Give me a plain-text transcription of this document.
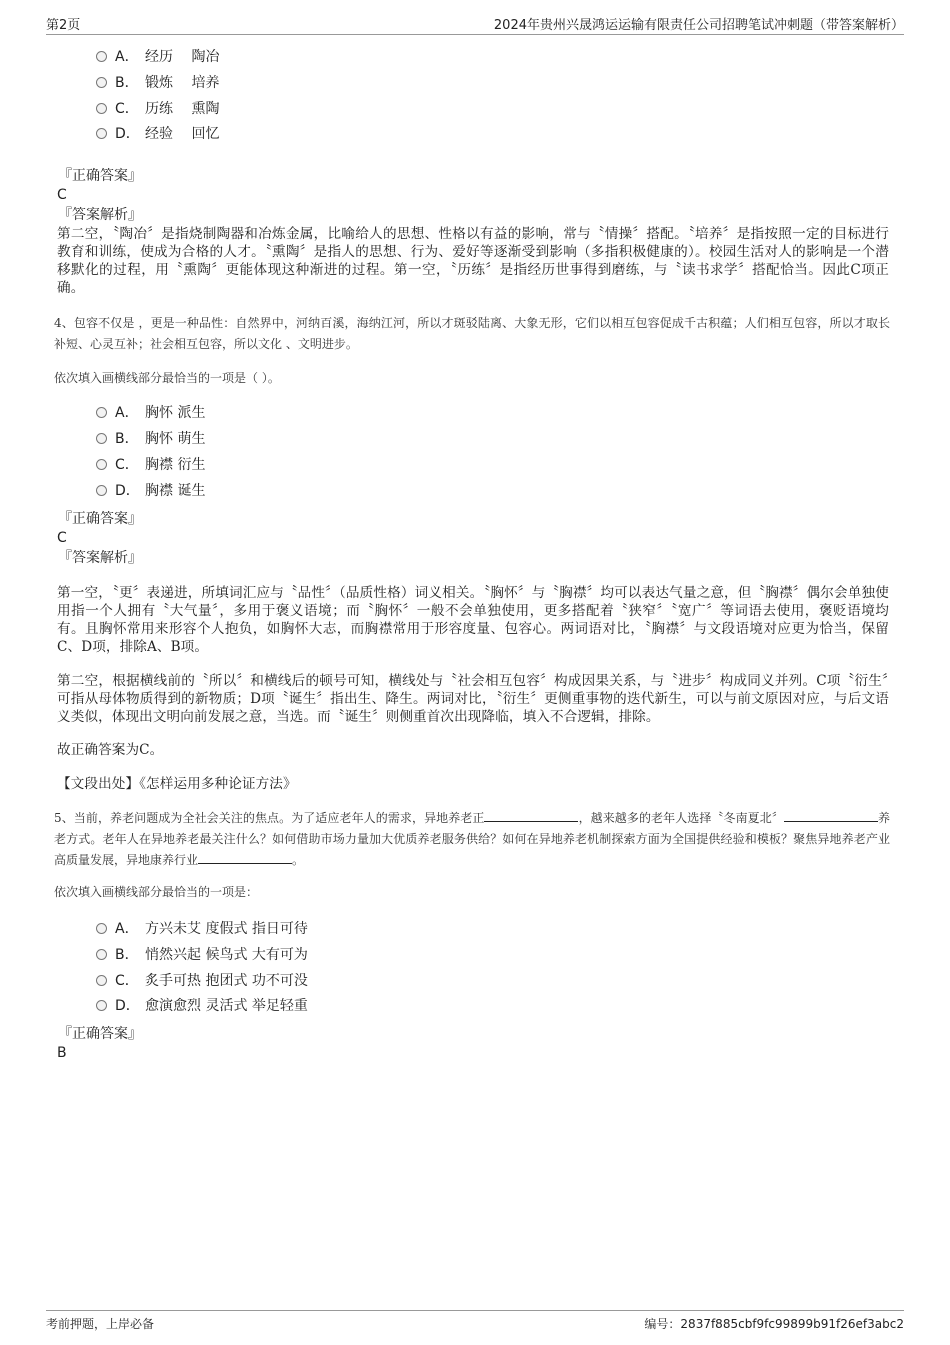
第2页	2024年贵州兴晟鸿运运输有限责任公司招聘笔试冲刺题（带答案解析）
A． 经历　 陶冶
B． 锻炼　 培养
C． 历练　 熏陶
D． 经验　 回忆
『正确答案』
C
『答案解析』
第二空，〝陶冶〞是指烧制陶器和冶炼金属，比喻给人的思想、性格以有益的影响，常与〝情操〞搭配。〝培养〞是指按照一定的目标进行教育和训练，使成为合格的人才。〝熏陶〞是指人的思想、行为、爱好等逐渐受到影响（多指积极健康的）。校园生活对人的影响是一个潜移默化的过程，用〝熏陶〞更能体现这种渐进的过程。第一空，〝历练〞是指经历世事得到磨练，与〝读书求学〞搭配恰当。因此C项正确。
4、包容不仅是 ，更是一种品性：自然界中，河纳百溪，海纳江河，所以才斑驳陆离、大象无形，它们以相互包容促成千古积蕴；人们相互包容，所以才取长补短、心灵互补；社会相互包容，所以文化 、文明进步。
依次填入画横线部分最恰当的一项是（ ）。
A． 胸怀 派生
B． 胸怀 萌生
C． 胸襟 衍生
D． 胸襟 诞生
『正确答案』
C
『答案解析』
第一空，〝更〞表递进，所填词汇应与〝品性〞（品质性格）词义相关。〝胸怀〞与〝胸襟〞均可以表达气量之意，但〝胸襟〞偶尔会单独使用指一个人拥有〝大气量〞，多用于褒义语境；而〝胸怀〞一般不会单独使用，更多搭配着〝狭窄〞〝宽广〞等词语去使用，褒贬语境均有。且胸怀常用来形容个人抱负，如胸怀大志，而胸襟常用于形容度量、包容心。两词语对比，〝胸襟〞与文段语境对应更为恰当，保留C、D项，排除A、B项。
第二空，根据横线前的〝所以〞和横线后的顿号可知，横线处与〝社会相互包容〞构成因果关系，与〝进步〞构成同义并列。C项〝衍生〞可指从母体物质得到的新物质；D项〝诞生〞指出生、降生。两词对比，〝衍生〞更侧重事物的迭代新生，可以与前文原因对应，与后文语义类似，体现出文明向前发展之意，当选。而〝诞生〞则侧重首次出现降临，填入不合逻辑，排除。
故正确答案为C。
【文段出处】《怎样运用多种论证方法》
5、当前，养老问题成为全社会关注的焦点。为了适应老年人的需求，异地养老正	，越来越多的老年人选择〝冬南夏北〞	养老方式。老年人在异地养老最关注什么？如何借助市场力量加大优质养老服务供给？如何在异地养老机制探索方面为全国提供经验和模板？聚焦异地养老产业高质量发展，异地康养行业	。
依次填入画横线部分最恰当的一项是：
A． 方兴未艾 度假式 指日可待
B． 悄然兴起 候鸟式 大有可为
C． 炙手可热 抱团式 功不可没
D． 愈演愈烈 灵活式 举足轻重
『正确答案』
B
考前押题，上岸必备	编号：2837f885cbf9fc99899b91f26ef3abc2
